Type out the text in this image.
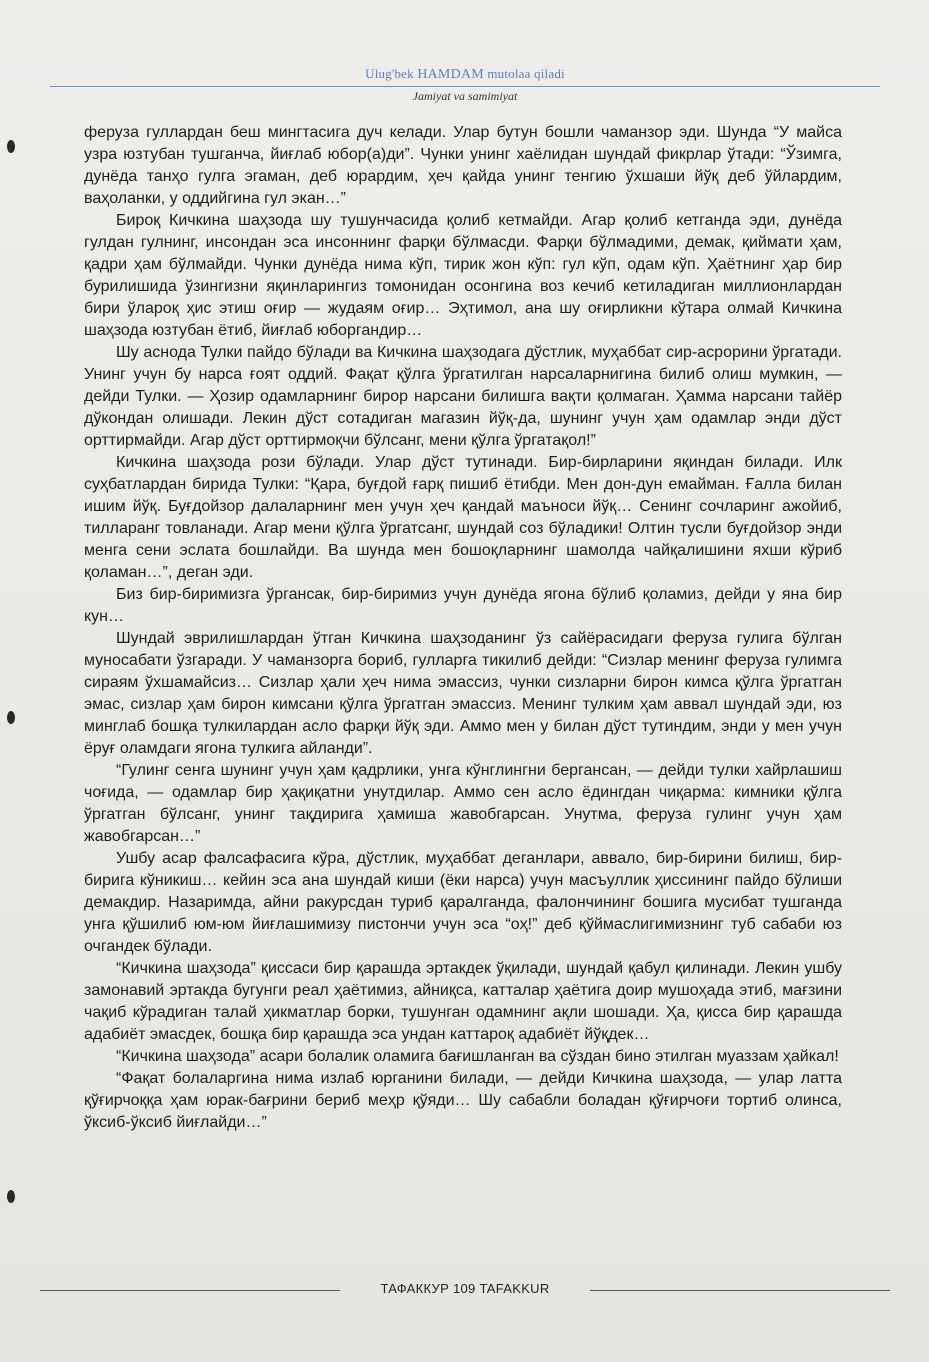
Ulug'bek HAMDAM mutolaa qiladi
Jamiyat va samimiyat

феруза гуллардан беш мингтасига дуч келади. Улар бутун бошли чаманзор эди. Шунда “У майса узра юзтубан тушганча, йиғлаб юбор(а)ди”. Чунки унинг хаёлидан шундай фикрлар ўтади: “Ўзимга, дунёда танҳо гулга эгаман, деб юрардим, ҳеч қайда унинг тенгию ўхшаши йўқ деб ўйлардим, ваҳоланки, у оддийгина гул экан…”

Бироқ Кичкина шаҳзода шу тушунчасида қолиб кетмайди. Агар қолиб кетганда эди, дунёда гулдан гулнинг, инсондан эса инсоннинг фарқи бўлмасди. Фарқи бўлмадими, демак, қиймати ҳам, қадри ҳам бўлмайди. Чунки дунёда нима кўп, тирик жон кўп: гул кўп, одам кўп. Ҳаётнинг ҳар бир бурилишида ўзингизни яқинларингиз томонидан осонгина воз кечиб кетиладиган миллионлардан бири ўлароқ ҳис этиш оғир — жудаям оғир… Эҳтимол, ана шу оғирликни кўтара олмай Кичкина шаҳзода юзтубан ётиб, йиғлаб юборгандир…

Шу аснода Тулки пайдо бўлади ва Кичкина шаҳзодага дўстлик, муҳаббат сир-асрорини ўргатади. Унинг учун бу нарса ғоят оддий. Фақат қўлга ўргатилган нарсаларнигина билиб олиш мумкин, — дейди Тулки. — Ҳозир одамларнинг бирор нарсани билишга вақти қолмаган. Ҳамма нарсани тайёр дўкондан олишади. Лекин дўст сотадиган магазин йўқ-да, шунинг учун ҳам одамлар энди дўст орттирмайди. Агар дўст орттирмоқчи бўлсанг, мени қўлга ўргатақол!”

Кичкина шаҳзода рози бўлади. Улар дўст тутинади. Бир-бирларини яқиндан билади. Илк суҳбатлардан бирида Тулки: “Қара, буғдой ғарқ пишиб ётибди. Мен дон-дун емайман. Ғалла билан ишим йўқ. Буғдойзор далаларнинг мен учун ҳеч қандай маъноси йўқ… Сенинг сочларинг ажойиб, тилларанг товланади. Агар мени қўлга ўргатсанг, шундай соз бўладики! Олтин тусли буғдойзор энди менга сени эслата бошлайди. Ва шунда мен бошоқларнинг шамолда чайқалишини яхши кўриб қоламан…”, деган эди.

Биз бир-биримизга ўргансак, бир-биримиз учун дунёда ягона бўлиб қоламиз, дейди у яна бир кун…

Шундай эврилишлардан ўтган Кичкина шаҳзоданинг ўз сайёрасидаги феруза гулига бўлган муносабати ўзгаради. У чаманзорга бориб, гулларга тикилиб дейди: “Сизлар менинг феруза гулимга сираям ўхшамайсиз… Сизлар ҳали ҳеч нима эмассиз, чунки сизларни бирон кимса қўлга ўргатган эмас, сизлар ҳам бирон кимсани қўлга ўргатган эмассиз. Менинг тулким ҳам аввал шундай эди, юз минглаб бошқа тулкилардан асло фарқи йўқ эди. Аммо мен у билан дўст тутиндим, энди у мен учун ёруғ оламдаги ягона тулкига айланди”.

“Гулинг сенга шунинг учун ҳам қадрлики, унга кўнглингни бергансан, — дейди тулки хайрлашиш чоғида, — одамлар бир ҳақиқатни унутдилар. Аммо сен асло ёдингдан чиқарма: кимники қўлга ўргатган бўлсанг, унинг тақдирига ҳамиша жавобгарсан. Унутма, феруза гулинг учун ҳам жавобгарсан…”

Ушбу асар фалсафасига кўра, дўстлик, муҳаббат деганлари, аввало, бир-бирини билиш, бир-бирига кўникиш… кейин эса ана шундай киши (ёки нарса) учун масъуллик ҳиссининг пайдо бўлиши демакдир. Назаримда, айни ракурсдан туриб қаралганда, фалончининг бошига мусибат тушганда унга қўшилиб юм-юм йиғлашимизу пистончи учун эса “оҳ!” деб қўймаслигимизнинг туб сабаби юз очгандек бўлади.

“Кичкина шаҳзода” қиссаси бир қарашда эртакдек ўқилади, шундай қабул қилинади. Лекин ушбу замонавий эртакда бугунги реал ҳаётимиз, айниқса, катталар ҳаётига доир мушоҳада этиб, мағзини чақиб кўрадиган талай ҳикматлар борки, тушунган одамнинг ақли шошади. Ҳа, қисса бир қарашда адабиёт эмасдек, бошқа бир қарашда эса ундан каттароқ адабиёт йўқдек…

“Кичкина шаҳзода” асари болалик оламига бағишланган ва сўздан бино этилган муаззам ҳайкал!

“Фақат болаларгина нима излаб юрганини билади, — дейди Кичкина шаҳзода, — улар латта қўғирчоққа ҳам юрак-бағрини бериб меҳр қўяди… Шу сабабли боладан қўғирчоғи тортиб олинса, ўксиб-ўксиб йиғлайди…”

ТАФАККУР 109 TAFAKKUR
